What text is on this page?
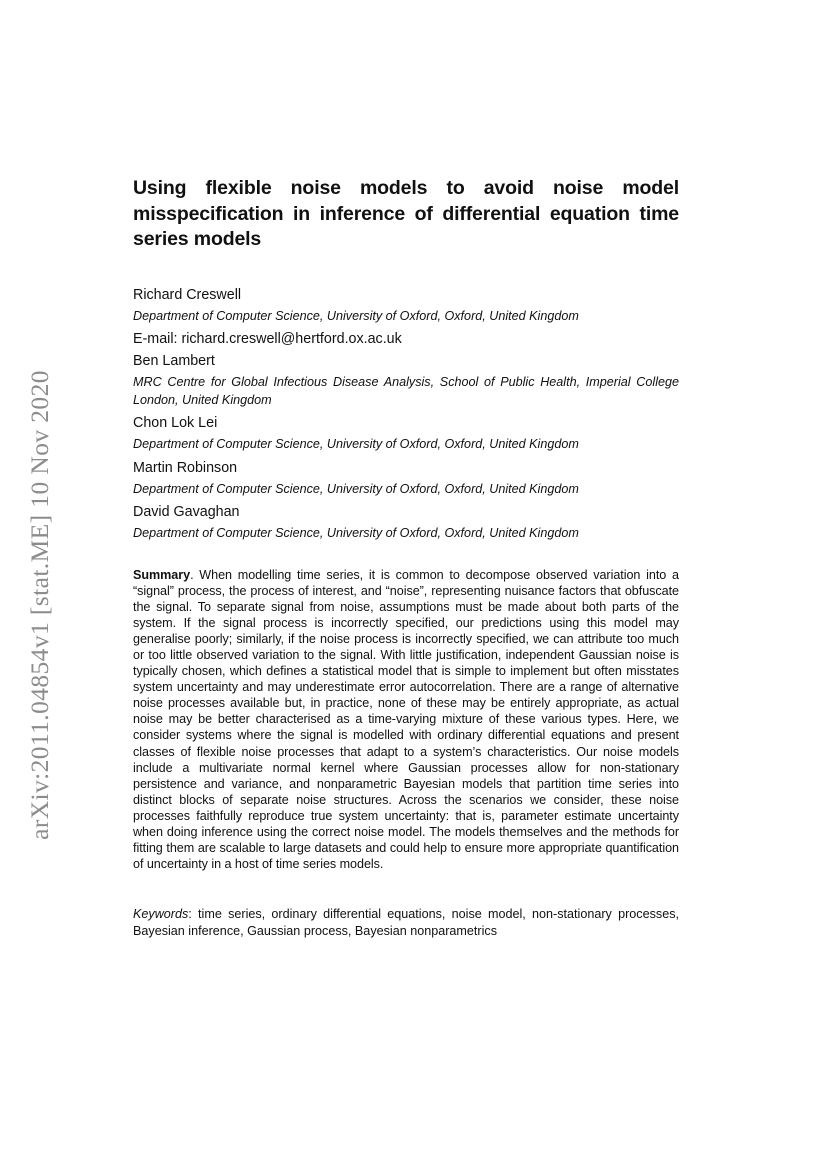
arXiv:2011.04854v1 [stat.ME] 10 Nov 2020
Using flexible noise models to avoid noise model misspecification in inference of differential equation time series models
Richard Creswell
Department of Computer Science, University of Oxford, Oxford, United Kingdom
E-mail: richard.creswell@hertford.ox.ac.uk
Ben Lambert
MRC Centre for Global Infectious Disease Analysis, School of Public Health, Imperial College London, United Kingdom
Chon Lok Lei
Department of Computer Science, University of Oxford, Oxford, United Kingdom
Martin Robinson
Department of Computer Science, University of Oxford, Oxford, United Kingdom
David Gavaghan
Department of Computer Science, University of Oxford, Oxford, United Kingdom

Summary. When modelling time series, it is common to decompose observed variation into a “signal” process, the process of interest, and “noise”, representing nuisance factors that obfuscate the signal. To separate signal from noise, assumptions must be made about both parts of the system. If the signal process is incorrectly specified, our predictions using this model may generalise poorly; similarly, if the noise process is incorrectly specified, we can attribute too much or too little observed variation to the signal. With little justification, independent Gaussian noise is typically chosen, which defines a statistical model that is simple to implement but often misstates system uncertainty and may underestimate error autocorrelation. There are a range of alternative noise processes available but, in practice, none of these may be entirely appropriate, as actual noise may be better characterised as a time-varying mixture of these various types. Here, we consider systems where the signal is modelled with ordinary differential equations and present classes of flexible noise processes that adapt to a system’s characteristics. Our noise models include a multivariate normal kernel where Gaussian processes allow for non-stationary persistence and variance, and nonparametric Bayesian models that partition time series into distinct blocks of separate noise structures. Across the scenarios we consider, these noise processes faithfully reproduce true system uncertainty: that is, parameter estimate uncertainty when doing inference using the correct noise model. The models themselves and the methods for fitting them are scalable to large datasets and could help to ensure more appropriate quantification of uncertainty in a host of time series models.

Keywords: time series, ordinary differential equations, noise model, non-stationary processes, Bayesian inference, Gaussian process, Bayesian nonparametrics
